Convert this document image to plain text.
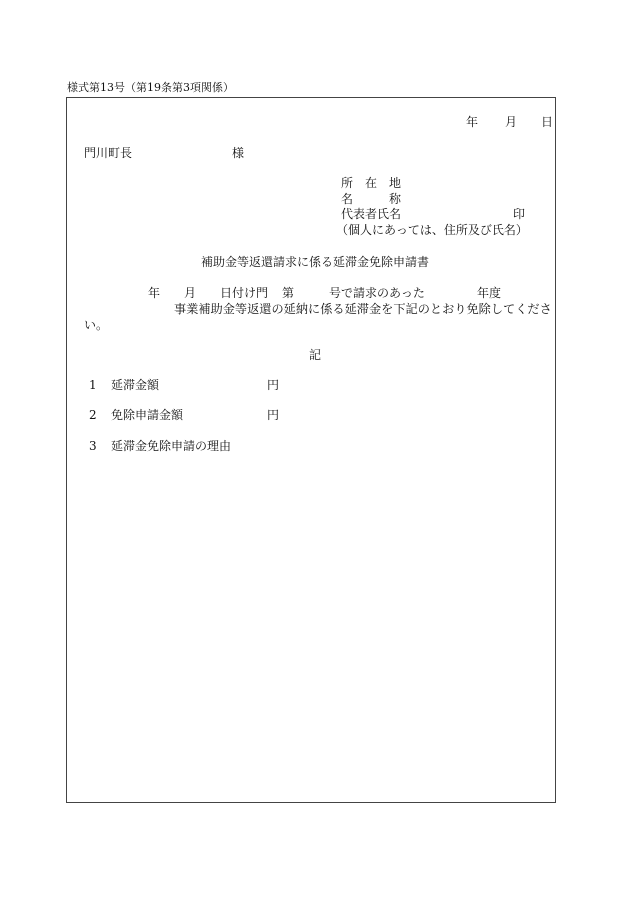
様式第13号（第19条第3項関係）
年 月 日
門川町長	様
所　在　地
名　　　称
代表者氏名	印
（個人にあっては、住所及び氏名）
補助金等返還請求に係る延滞金免除申請書
年 月 日付け門 第	号で請求のあった	年度
事業補助金等返還の延納に係る延滞金を下記のとおり免除してくださ
い。
記
1 延滞金額	円
2 免除申請金額	円
3 延滞金免除申請の理由
